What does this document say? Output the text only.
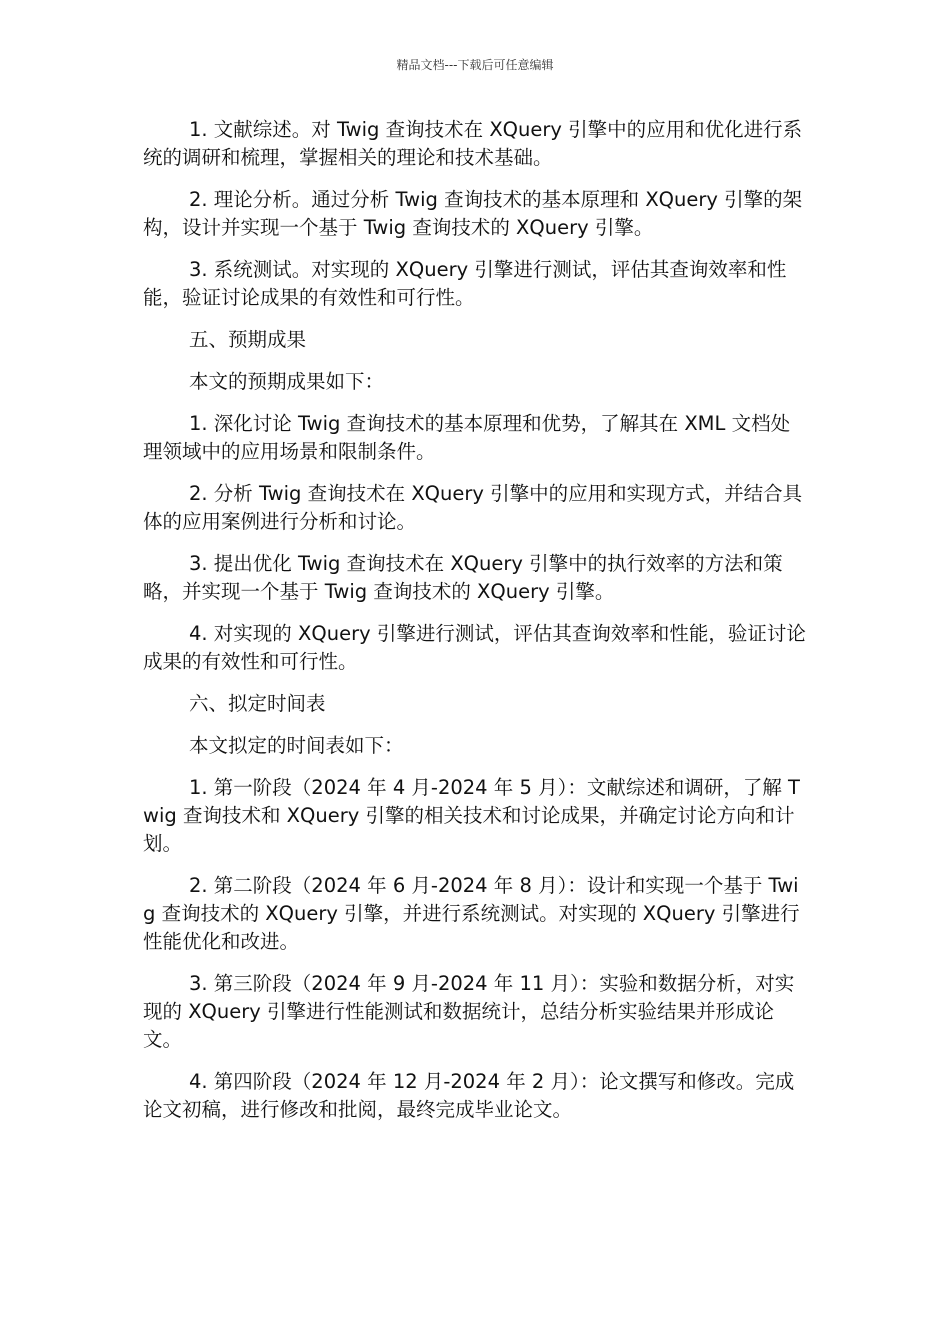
精品文档---下载后可任意编辑

1. 文献综述。对 Twig 查询技术在 XQuery 引擎中的应用和优化进行系统的调研和梳理，掌握相关的理论和技术基础。

2. 理论分析。通过分析 Twig 查询技术的基本原理和 XQuery 引擎的架构，设计并实现一个基于 Twig 查询技术的 XQuery 引擎。

3. 系统测试。对实现的 XQuery 引擎进行测试，评估其查询效率和性能，验证讨论成果的有效性和可行性。

五、预期成果

本文的预期成果如下：

1. 深化讨论 Twig 查询技术的基本原理和优势，了解其在 XML 文档处理领域中的应用场景和限制条件。

2. 分析 Twig 查询技术在 XQuery 引擎中的应用和实现方式，并结合具体的应用案例进行分析和讨论。

3. 提出优化 Twig 查询技术在 XQuery 引擎中的执行效率的方法和策略，并实现一个基于 Twig 查询技术的 XQuery 引擎。

4. 对实现的 XQuery 引擎进行测试，评估其查询效率和性能，验证讨论成果的有效性和可行性。

六、拟定时间表

本文拟定的时间表如下：

1. 第一阶段（2024 年 4 月-2024 年 5 月）：文献综述和调研，了解 Twig 查询技术和 XQuery 引擎的相关技术和讨论成果，并确定讨论方向和计划。

2. 第二阶段（2024 年 6 月-2024 年 8 月）：设计和实现一个基于 Twig 查询技术的 XQuery 引擎，并进行系统测试。对实现的 XQuery 引擎进行性能优化和改进。

3. 第三阶段（2024 年 9 月-2024 年 11 月）：实验和数据分析，对实现的 XQuery 引擎进行性能测试和数据统计，总结分析实验结果并形成论文。

4. 第四阶段（2024 年 12 月-2024 年 2 月）：论文撰写和修改。完成论文初稿，进行修改和批阅，最终完成毕业论文。
